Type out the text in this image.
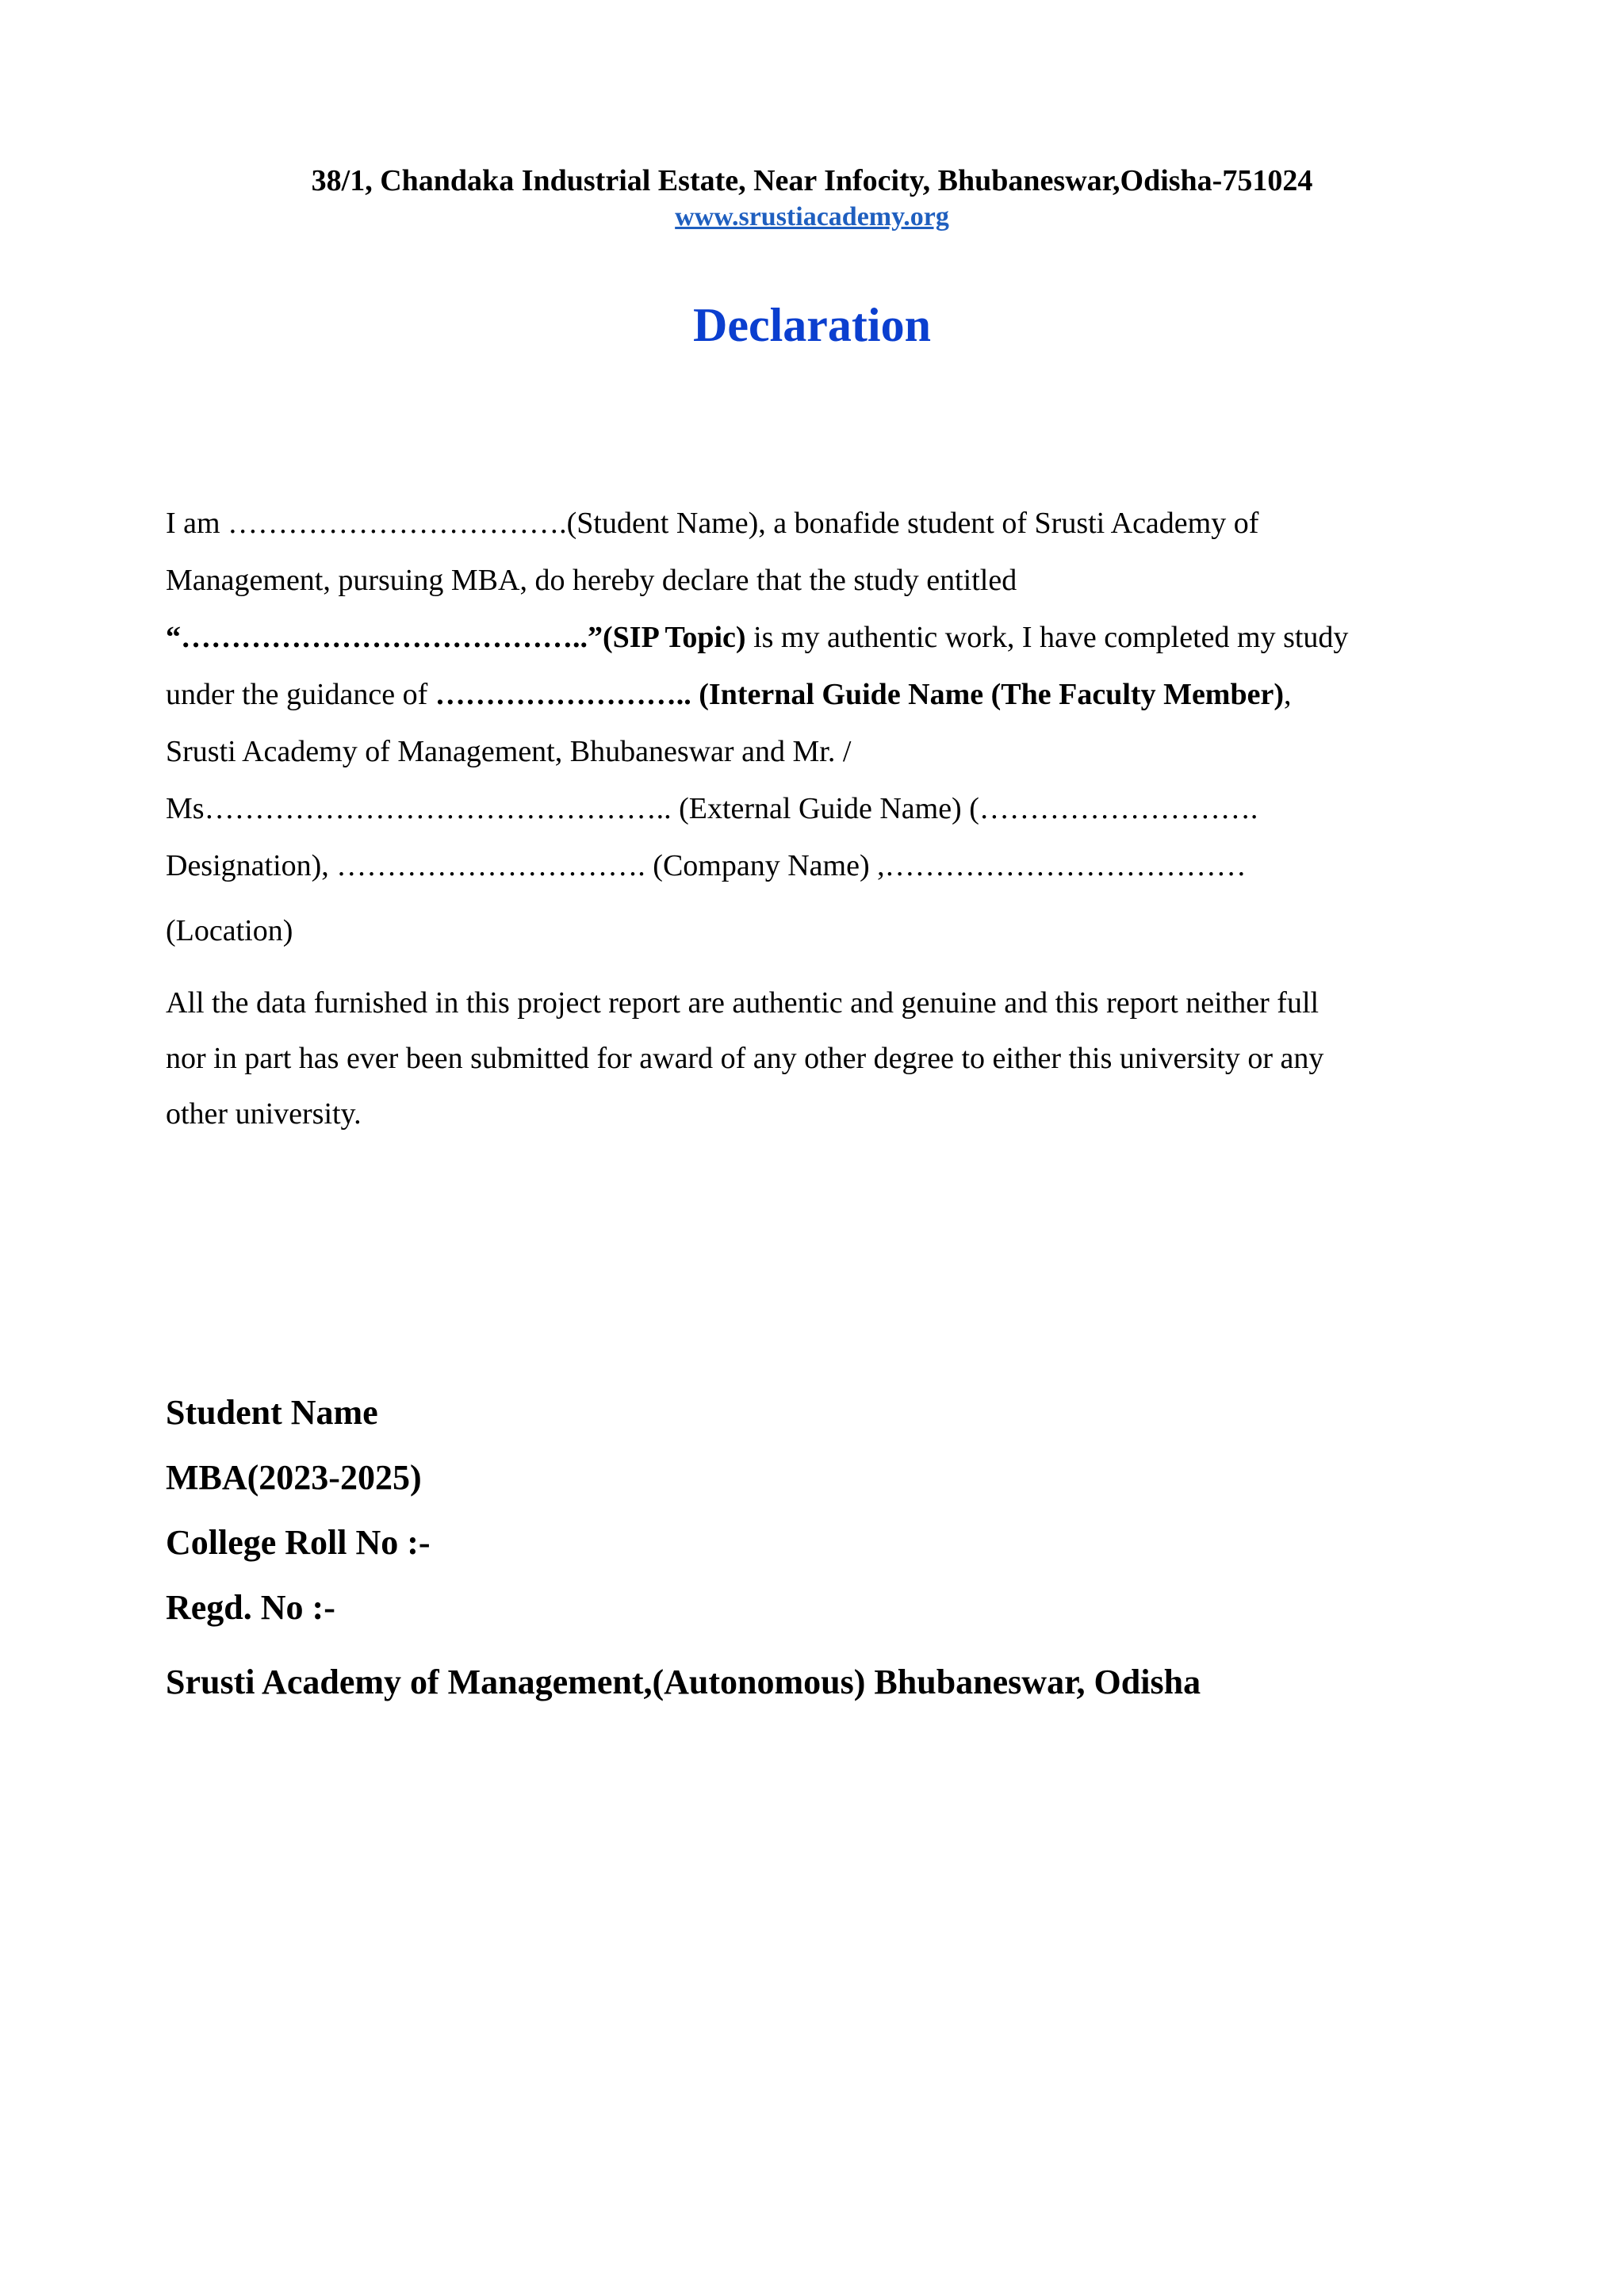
38/1, Chandaka Industrial Estate, Near Infocity, Bhubaneswar,Odisha-751024
www.srustiacademy.org
Declaration
I am …………………………….(Student Name), a bonafide student of Srusti Academy of
Management, pursuing MBA, do hereby declare that the study entitled
“…………………………………..”(SIP Topic) is my authentic work, I have completed my study
under the guidance of …………………….. (Internal Guide Name (The Faculty Member),
Srusti Academy of Management, Bhubaneswar and Mr. /
Ms……………………………………….. (External Guide Name) (……………………….
Designation), …………………………. (Company Name) ,………………………………
(Location)
All the data furnished in this project report are authentic and genuine and this report neither full
nor in part has ever been submitted for award of any other degree to either this university or any
other university.
Student Name
MBA(2023-2025)
College Roll No :-
Regd. No :-
Srusti Academy of Management,(Autonomous) Bhubaneswar, Odisha
